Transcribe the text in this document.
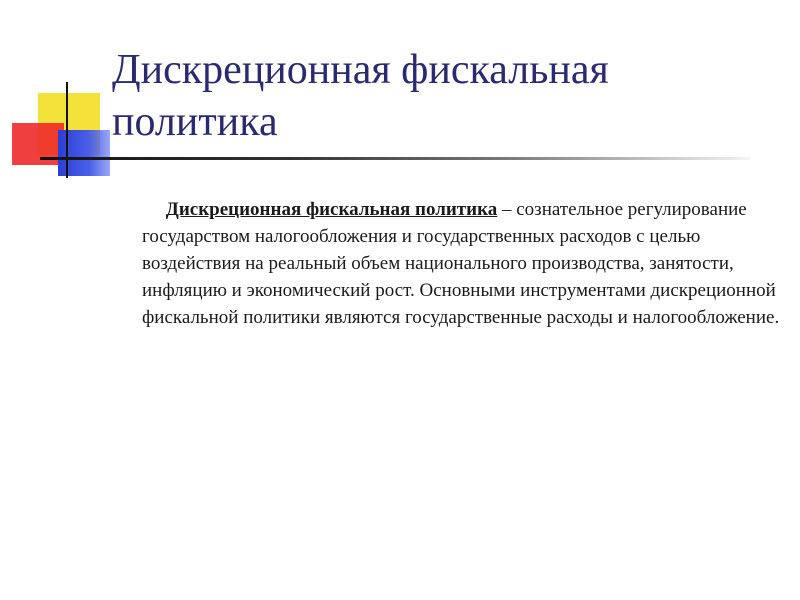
Дискреционная фискальная политика

Дискреционная фискальная политика – сознательное регулирование государством налогообложения и государственных расходов с целью воздействия на реальный объем национального производства, занятости, инфляцию и экономический рост. Основными инструментами дискреционной фискальной политики являются государственные расходы и налогообложение.
